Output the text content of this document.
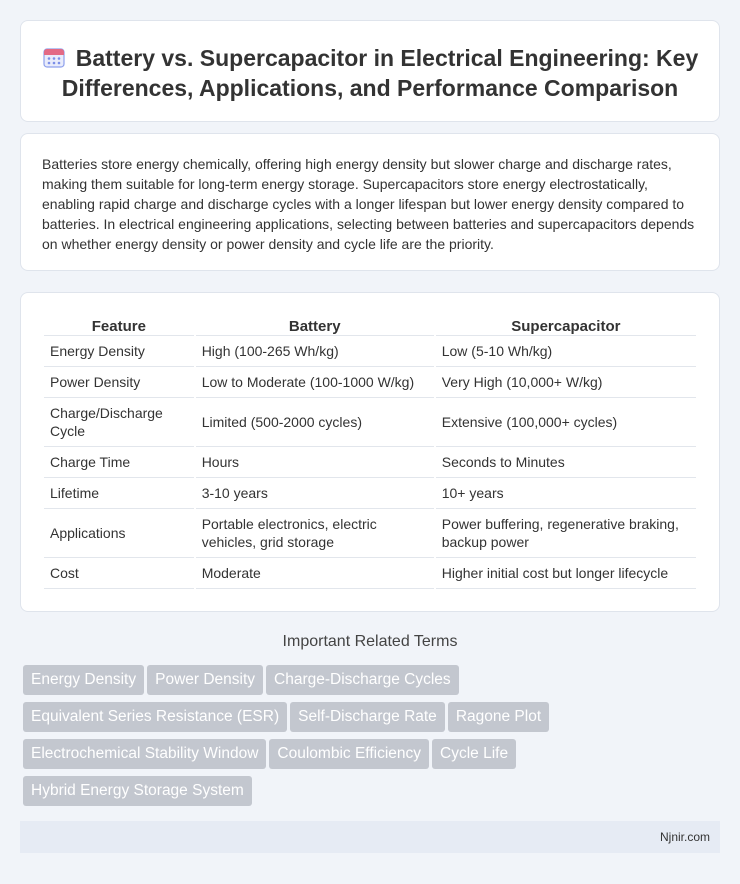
Battery vs. Supercapacitor in Electrical Engineering: Key Differences, Applications, and Performance Comparison

Batteries store energy chemically, offering high energy density but slower charge and discharge rates, making them suitable for long-term energy storage. Supercapacitors store energy electrostatically, enabling rapid charge and discharge cycles with a longer lifespan but lower energy density compared to batteries. In electrical engineering applications, selecting between batteries and supercapacitors depends on whether energy density or power density and cycle life are the priority.

Feature	Battery	Supercapacitor
Energy Density	High (100-265 Wh/kg)	Low (5-10 Wh/kg)
Power Density	Low to Moderate (100-1000 W/kg)	Very High (10,000+ W/kg)
Charge/Discharge Cycle	Limited (500-2000 cycles)	Extensive (100,000+ cycles)
Charge Time	Hours	Seconds to Minutes
Lifetime	3-10 years	10+ years
Applications	Portable electronics, electric vehicles, grid storage	Power buffering, regenerative braking, backup power
Cost	Moderate	Higher initial cost but longer lifecycle
Important Related Terms
Energy Density Power Density Charge-Discharge Cycles
Equivalent Series Resistance (ESR) Self-Discharge Rate Ragone Plot
Electrochemical Stability Window Coulombic Efficiency Cycle Life
Hybrid Energy Storage System
Njnir.com
